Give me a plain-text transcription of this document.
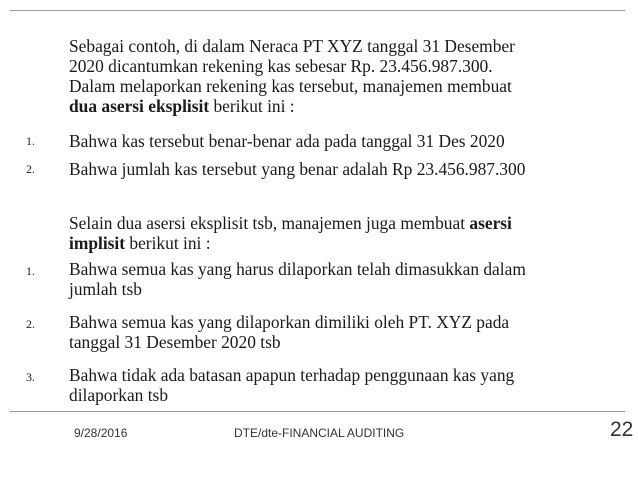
Sebagai contoh, di dalam Neraca PT XYZ tanggal 31 Desember

2020 dicantumkan rekening kas sebesar Rp. 23.456.987.300.

Dalam melaporkan rekening kas tersebut, manajemen membuat

dua asersi eksplisit berikut ini :

1. Bahwa kas tersebut benar-benar ada pada tanggal 31 Des 2020
2. Bahwa jumlah kas tersebut yang benar adalah Rp 23.456.987.300

Selain dua asersi eksplisit tsb, manajemen juga membuat asersi

implisit berikut ini :

1. Bahwa semua kas yang harus dilaporkan telah dimasukkan dalam
jumlah tsb
2. Bahwa semua kas yang dilaporkan dimiliki oleh PT. XYZ pada
tanggal 31 Desember 2020 tsb
3. Bahwa tidak ada batasan apapun terhadap penggunaan kas yang
dilaporkan tsb
9/28/2016	DTE/dte-FINANCIAL AUDITING	22
